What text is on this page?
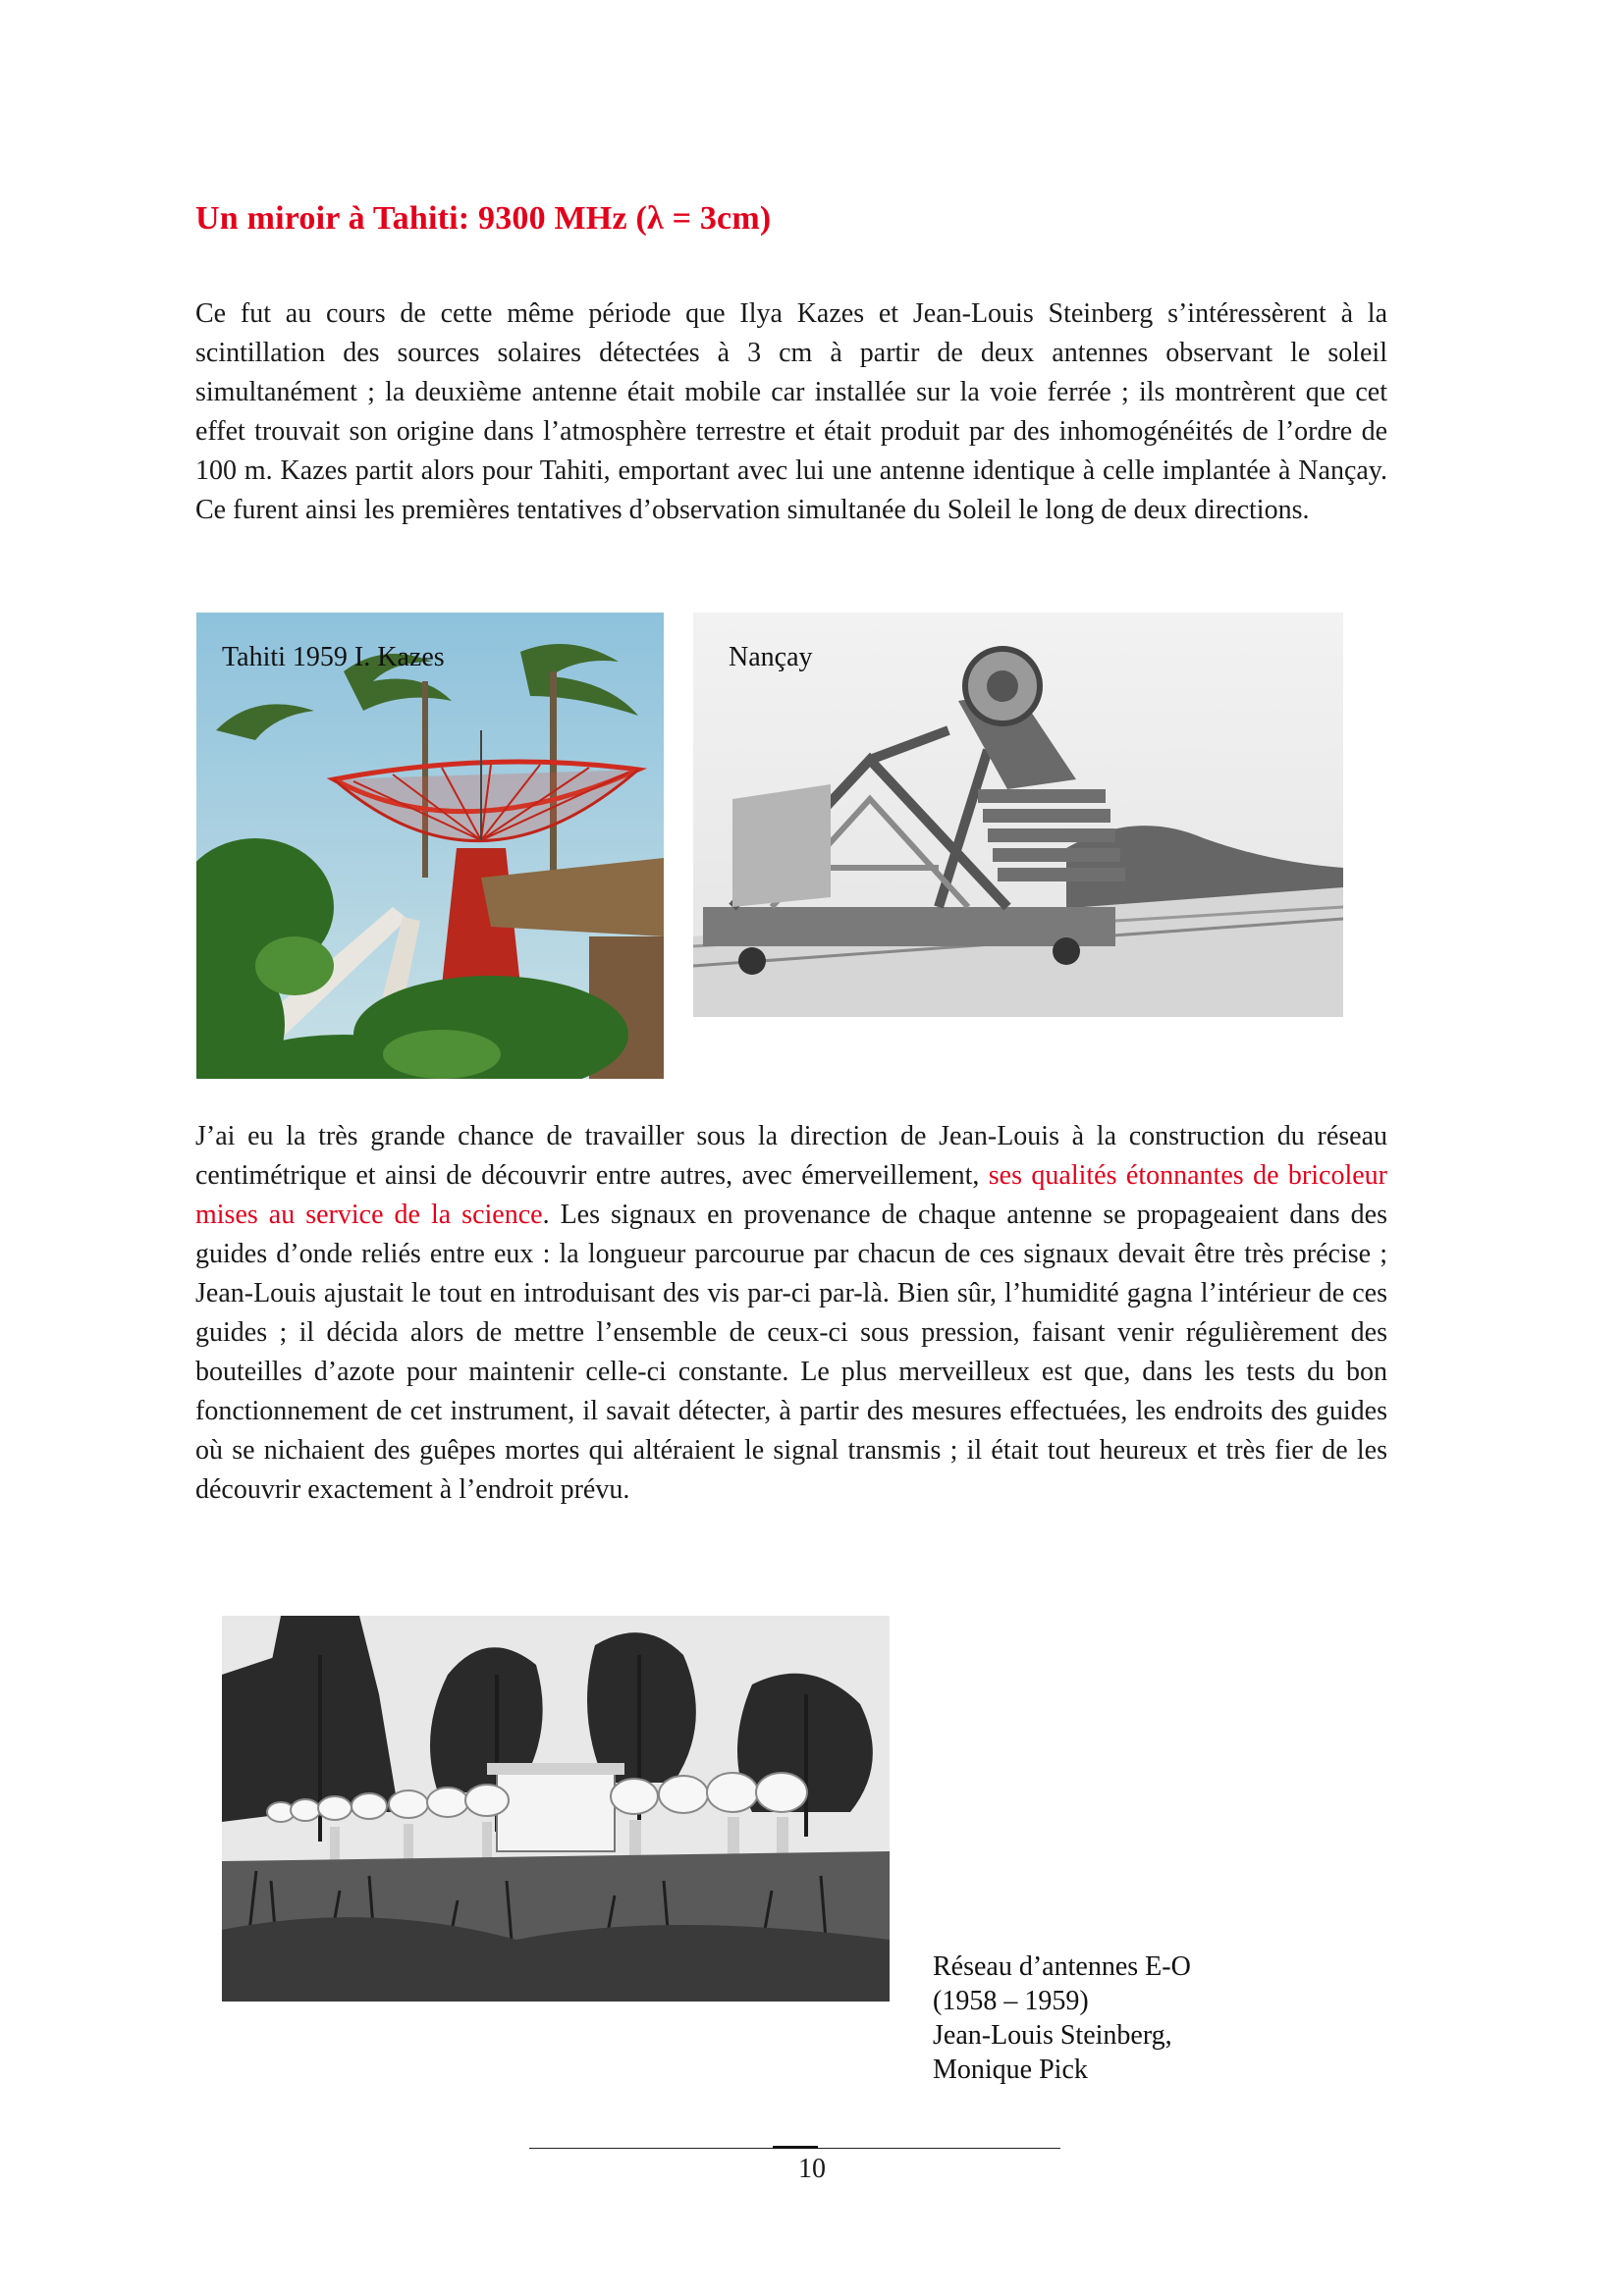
Un miroir à Tahiti: 9300 MHz (λ = 3cm)

Ce fut au cours de cette même période que Ilya Kazes et Jean-Louis Steinberg s’intéressèrent à la scintillation des sources solaires détectées à 3 cm à partir de deux antennes observant le soleil simultanément ; la deuxième antenne était mobile car installée sur la voie ferrée ; ils montrèrent que cet effet trouvait son origine dans l’atmosphère terrestre et était produit par des inhomogénéités de l’ordre de 100 m. Kazes partit alors pour Tahiti, emportant avec lui une antenne identique à celle implantée à Nançay. Ce furent ainsi les premières tentatives d’observation simultanée du Soleil le long de deux directions.

Tahiti 1959 I. Kazes	Nançay

J’ai eu la très grande chance de travailler sous la direction de Jean-Louis à la construction du réseau centimétrique et ainsi de découvrir entre autres, avec émerveillement, ses qualités étonnantes de bricoleur mises au service de la science. Les signaux en provenance de chaque antenne se propageaient dans des guides d’onde reliés entre eux : la longueur parcourue par chacun de ces signaux devait être très précise ; Jean-Louis ajustait le tout en introduisant des vis par-ci par-là. Bien sûr, l’humidité gagna l’intérieur de ces guides ; il décida alors de mettre l’ensemble de ceux-ci sous pression, faisant venir régulièrement des bouteilles d’azote pour maintenir celle-ci constante. Le plus merveilleux est que, dans les tests du bon fonctionnement de cet instrument, il savait détecter, à partir des mesures effectuées, les endroits des guides où se nichaient des guêpes mortes qui altéraient le signal transmis ; il était tout heureux et très fier de les découvrir exactement à l’endroit prévu.

Réseau d’antennes E-O
(1958 – 1959)
Jean-Louis Steinberg,
Monique Pick
10
